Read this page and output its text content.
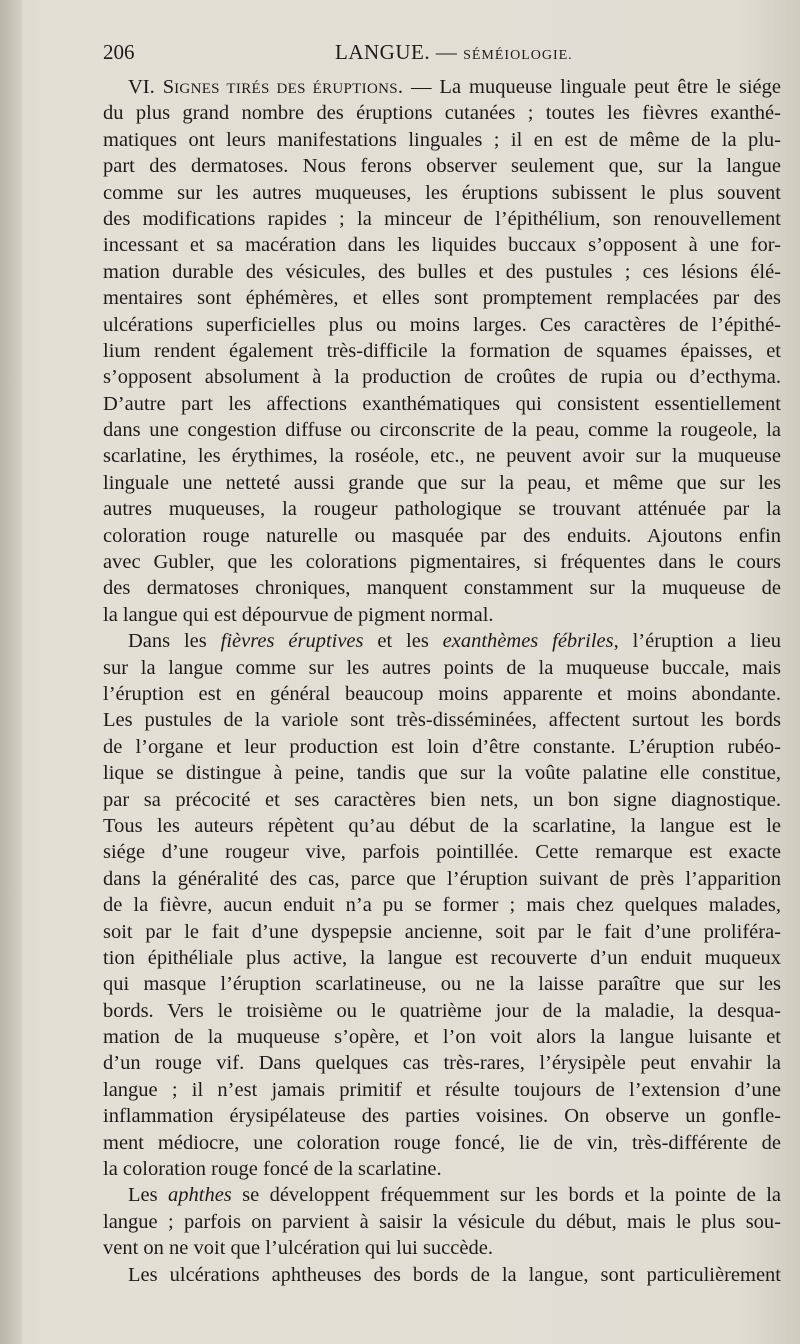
206	LANGUE. — SÉMÉIOLOGIE.
VI. SIGNES TIRÉS DES ÉRUPTIONS. — La muqueuse linguale peut être le siége
du plus grand nombre des éruptions cutanées ; toutes les fièvres exanthé-
matiques ont leurs manifestations linguales ; il en est de même de la plu-
part des dermatoses. Nous ferons observer seulement que, sur la langue
comme sur les autres muqueuses, les éruptions subissent le plus souvent
des modifications rapides ; la minceur de l’épithélium, son renouvellement
incessant et sa macération dans les liquides buccaux s’opposent à une for-
mation durable des vésicules, des bulles et des pustules ; ces lésions élé-
mentaires sont éphémères, et elles sont promptement remplacées par des
ulcérations superficielles plus ou moins larges. Ces caractères de l’épithé-
lium rendent également très-difficile la formation de squames épaisses, et
s’opposent absolument à la production de croûtes de rupia ou d’ecthyma.
D’autre part les affections exanthématiques qui consistent essentiellement
dans une congestion diffuse ou circonscrite de la peau, comme la rougeole, la
scarlatine, les érythimes, la roséole, etc., ne peuvent avoir sur la muqueuse
linguale une netteté aussi grande que sur la peau, et même que sur les
autres muqueuses, la rougeur pathologique se trouvant atténuée par la
coloration rouge naturelle ou masquée par des enduits. Ajoutons enfin
avec Gubler, que les colorations pigmentaires, si fréquentes dans le cours
des dermatoses chroniques, manquent constamment sur la muqueuse de
la langue qui est dépourvue de pigment normal.
Dans les fièvres éruptives et les exanthèmes fébriles, l’éruption a lieu
sur la langue comme sur les autres points de la muqueuse buccale, mais
l’éruption est en général beaucoup moins apparente et moins abondante.
Les pustules de la variole sont très-disséminées, affectent surtout les bords
de l’organe et leur production est loin d’être constante. L’éruption rubéo-
lique se distingue à peine, tandis que sur la voûte palatine elle constitue,
par sa précocité et ses caractères bien nets, un bon signe diagnostique.
Tous les auteurs répètent qu’au début de la scarlatine, la langue est le
siége d’une rougeur vive, parfois pointillée. Cette remarque est exacte
dans la généralité des cas, parce que l’éruption suivant de près l’apparition
de la fièvre, aucun enduit n’a pu se former ; mais chez quelques malades,
soit par le fait d’une dyspepsie ancienne, soit par le fait d’une proliféra-
tion épithéliale plus active, la langue est recouverte d’un enduit muqueux
qui masque l’éruption scarlatineuse, ou ne la laisse paraître que sur les
bords. Vers le troisième ou le quatrième jour de la maladie, la desqua-
mation de la muqueuse s’opère, et l’on voit alors la langue luisante et
d’un rouge vif. Dans quelques cas très-rares, l’érysipèle peut envahir la
langue ; il n’est jamais primitif et résulte toujours de l’extension d’une
inflammation érysipélateuse des parties voisines. On observe un gonfle-
ment médiocre, une coloration rouge foncé, lie de vin, très-différente de
la coloration rouge foncé de la scarlatine.
Les aphthes se développent fréquemment sur les bords et la pointe de la
langue ; parfois on parvient à saisir la vésicule du début, mais le plus sou-
vent on ne voit que l’ulcération qui lui succède.
Les ulcérations aphtheuses des bords de la langue, sont particulièrement
